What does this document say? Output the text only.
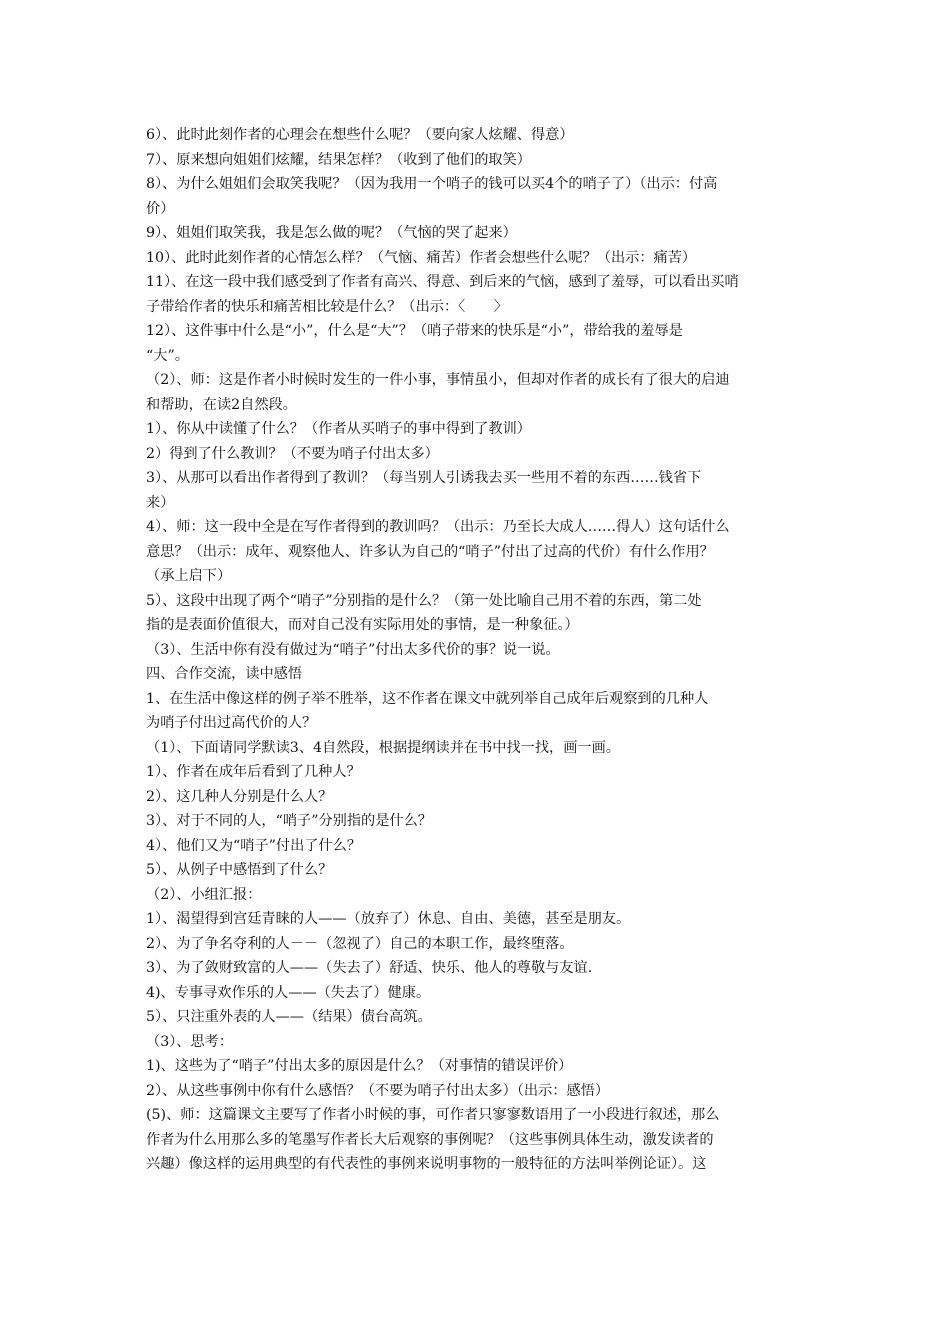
6）、此时此刻作者的心理会在想些什么呢？（要向家人炫耀、得意）
7）、原来想向姐姐们炫耀，结果怎样？（收到了他们的取笑）
8）、为什么姐姐们会取笑我呢？（因为我用一个哨子的钱可以买4个的哨子了）（出示：付高
价）
9）、姐姐们取笑我，我是怎么做的呢？（气恼的哭了起来）
10）、此时此刻作者的心情怎么样？（气恼、痛苦）作者会想些什么呢？（出示：痛苦）
11）、在这一段中我们感受到了作者有高兴、得意、到后来的气恼，感到了羞辱，可以看出买哨
子带给作者的快乐和痛苦相比较是什么？（出示：〈　　〉
12）、这件事中什么是“小”，什么是“大”？（哨子带来的快乐是“小”，带给我的羞辱是
“大”。
（2）、师：这是作者小时候时发生的一件小事，事情虽小，但却对作者的成长有了很大的启迪
和帮助，在读2自然段。
1）、你从中读懂了什么？（作者从买哨子的事中得到了教训）
2）得到了什么教训？（不要为哨子付出太多）
3）、从那可以看出作者得到了教训？（每当别人引诱我去买一些用不着的东西……钱省下
来）
4）、师：这一段中全是在写作者得到的教训吗？（出示：乃至长大成人……得人）这句话什么
意思？（出示：成年、观察他人、许多认为自己的“哨子”付出了过高的代价）有什么作用？
（承上启下）
5）、这段中出现了两个“哨子”分别指的是什么？（第一处比喻自己用不着的东西，第二处
指的是表面价值很大，而对自己没有实际用处的事情，是一种象征。）
（3）、生活中你有没有做过为“哨子”付出太多代价的事？说一说。
四、合作交流，读中感悟
1、在生活中像这样的例子举不胜举，这不作者在课文中就列举自己成年后观察到的几种人
为哨子付出过高代价的人？
（1）、下面请同学默读3、4自然段，根据提纲读并在书中找一找，画一画。
1）、作者在成年后看到了几种人？
2）、这几种人分别是什么人？
3）、对于不同的人，“哨子”分别指的是什么？
4）、他们又为“哨子”付出了什么？
5）、从例子中感悟到了什么？
（2）、小组汇报：
1）、渴望得到宫廷青睐的人——（放弃了）休息、自由、美德，甚至是朋友。
2）、为了争名夺利的人－－（忽视了）自己的本职工作，最终堕落。
3）、为了敛财致富的人——（失去了）舒适、快乐、他人的尊敬与友谊.
4)、专事寻欢作乐的人——（失去了）健康。
5）、只注重外表的人——（结果）债台高筑。
（3）、思考：
1)、这些为了“哨子”付出太多的原因是什么？（对事情的错误评价）
2）、从这些事例中你有什么感悟？（不要为哨子付出太多）（出示：感悟）
(5)、师：这篇课文主要写了作者小时候的事，可作者只寥寥数语用了一小段进行叙述，那么
作者为什么用那么多的笔墨写作者长大后观察的事例呢？（这些事例具体生动，激发读者的
兴趣）像这样的运用典型的有代表性的事例来说明事物的一般特征的方法叫举例论证）。这
